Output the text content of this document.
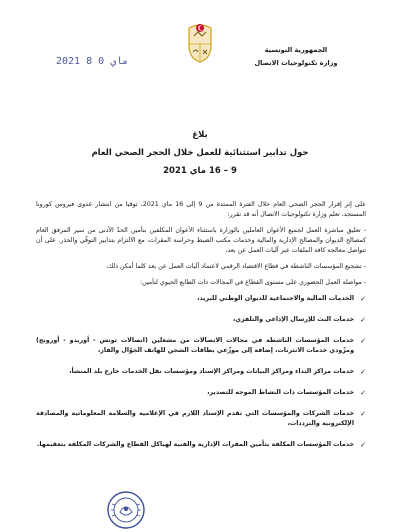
الجمهورية التونسية
وزارة تكنولوجيات الاتصال
2021 ماي 0 8
بلاغ
حول تدابير استثنائية للعمل خلال الحجر الصحي العام
9 – 16 ماي 2021

على إثر إقرار الحجر الصحي العام خلال الفترة الممتدة من 9 إلى 16 ماي 2021، توقيا من انتشار عدوى فيروس كورونا المستجد، تعلم وزارة تكنولوجيات الاتصال أنه قد تقرر:

- تعليق مباشرة العمل لجميع الأعوان العاملين بالوزارة باستثناء الأعوان المكلفين بتأمين الحدّ الأدنى من سير المرفق العام كمصالح الديوان والمصالح الإدارية والمالية وخدمات مكتب الضبط وحراسة المقرات، مع الالتزام بتدابير التوقّي والحذر. على أن تتواصل معالجة كافة الملفات عبر آليات العمل عن بعد،

- تشجيع المؤسسات الناشطة في قطاع الاقتصاد الرقمي لاعتماد آليات العمل عن بعد كلما أمكن ذلك،

- مواصلة العمل الحضوري على مستوى القطاع في المجالات ذات الطابع الحيوي لتأمين:

✓
الخدمات المالية والاجتماعية للديوان الوطني للبريد،
✓
خدمات البث للإرسال الإذاعي والتلفزي،
✓
خدمات المؤسسات الناشطة في مجالات الاتصالات من مشغلين (اتصالات تونس - أوريدو - أورونج) ومزّودي خدمات الانترنات، إضافة إلى موزّعي بطاقات الشحن للهاتف الجوّال والقار،
✓
خدمات مراكز النداء ومراكز البيانات ومراكز الإسناد ومؤسسات نقل الخدمات خارج بلد المنشأ،
✓
خدمات المؤسسات ذات النشاط الموجه للتصدير،
✓
خدمات الشركات والمؤسسات التي تقدم الإسناد اللازم في الإعلامية والسلامة المعلوماتية والمصادقة الإلكترونية والترددات،
✓
خدمات المؤسسات المكلفة بتأمين المقرات الإدارية والفنية لهياكل القطاع والشركات المكلفة بتعقيمها.
